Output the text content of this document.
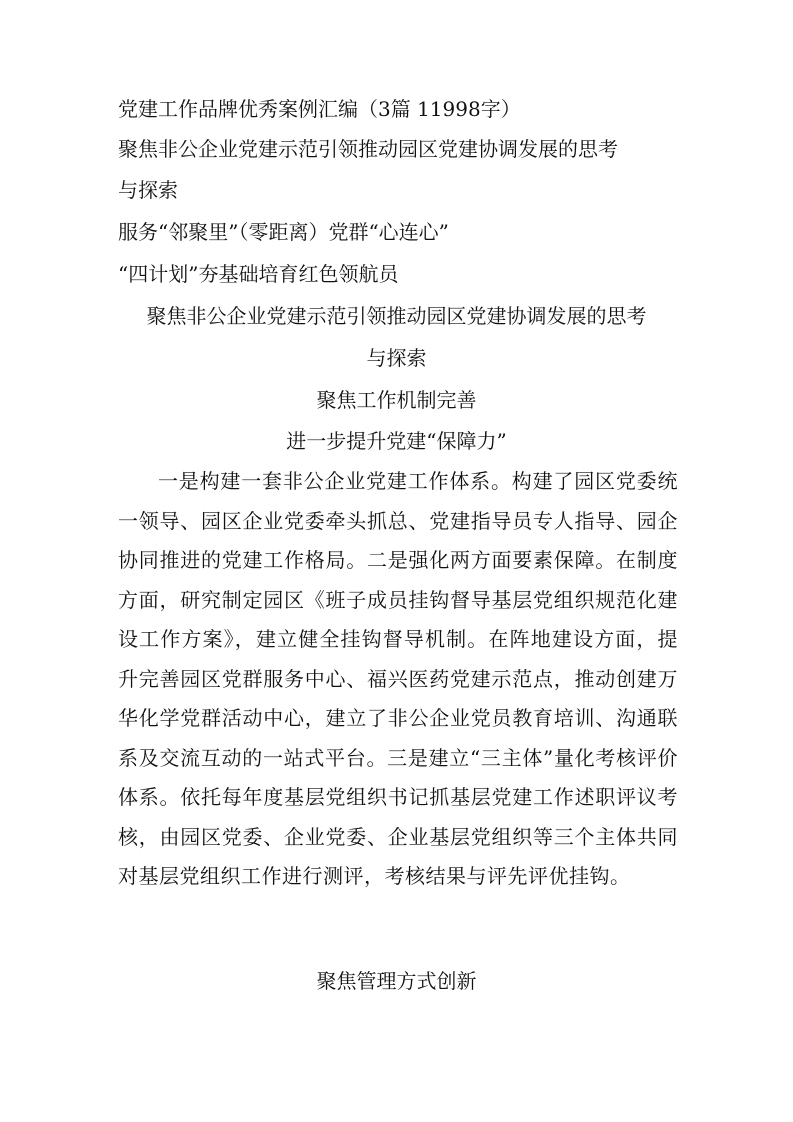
党建工作品牌优秀案例汇编（3篇 11998字）

聚焦非公企业党建示范引领推动园区党建协调发展的思考

与探索

服务“邻聚里”（零距离）党群“心连心”

“四计划”夯基础培育红色领航员

聚焦非公企业党建示范引领推动园区党建协调发展的思考

与探索

聚焦工作机制完善

进一步提升党建“保障力”

一是构建一套非公企业党建工作体系。构建了园区党委统一领导、园区企业党委牵头抓总、党建指导员专人指导、园企协同推进的党建工作格局。二是强化两方面要素保障。在制度方面，研究制定园区《班子成员挂钩督导基层党组织规范化建设工作方案》，建立健全挂钩督导机制。在阵地建设方面，提升完善园区党群服务中心、福兴医药党建示范点，推动创建万华化学党群活动中心，建立了非公企业党员教育培训、沟通联系及交流互动的一站式平台。三是建立“三主体”量化考核评价体系。依托每年度基层党组织书记抓基层党建工作述职评议考核，由园区党委、企业党委、企业基层党组织等三个主体共同对基层党组织工作进行测评，考核结果与评先评优挂钩。

聚焦管理方式创新
